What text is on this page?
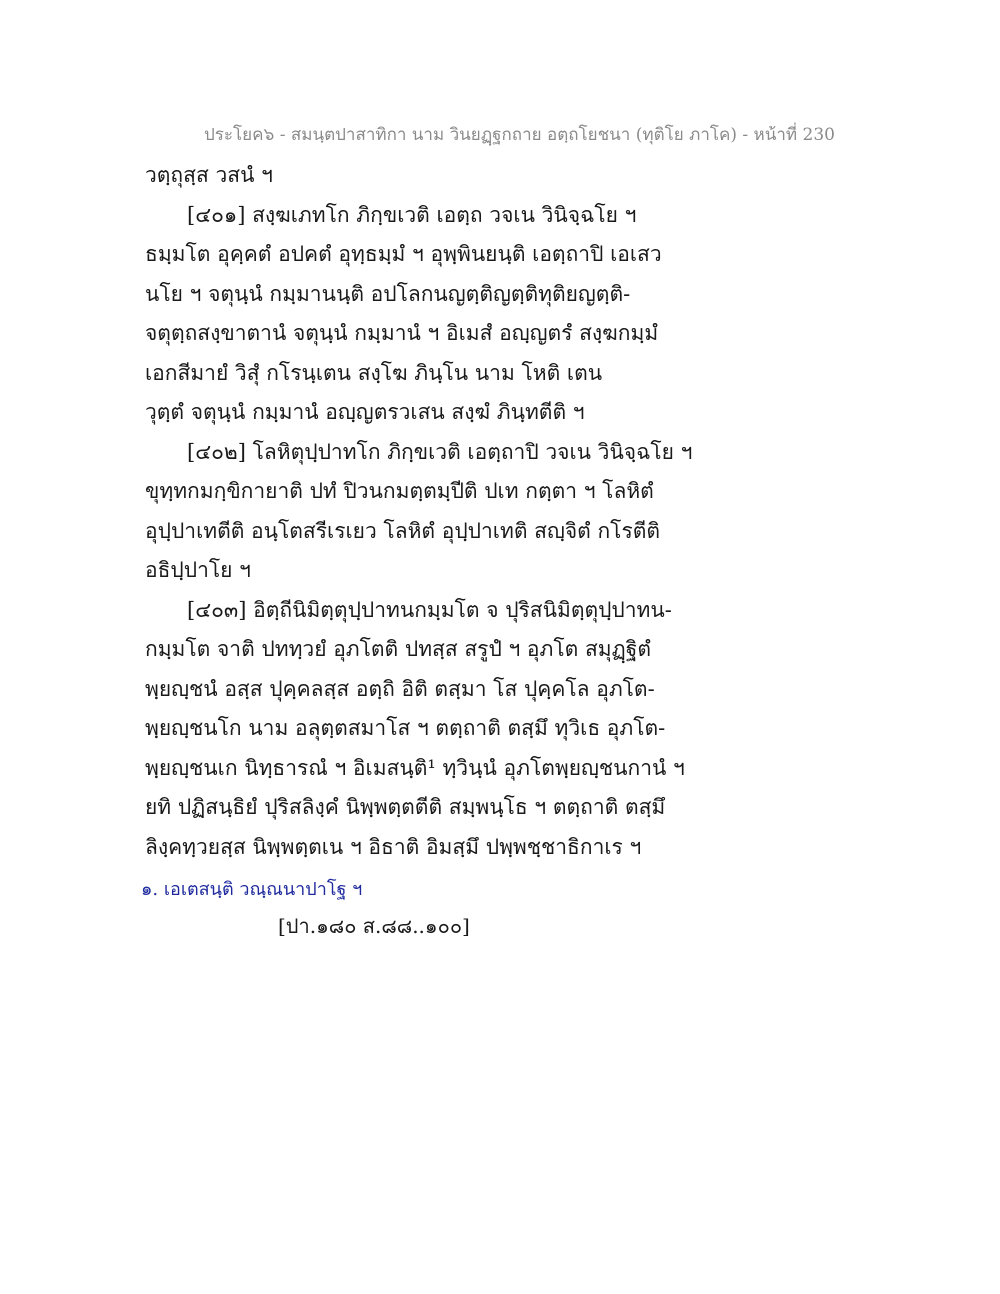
ประโยค๖ - สมนฺตปาสาทิกา นาม วินยฏฺฐกถาย อตฺถโยชนา (ทุติโย ภาโค) - หน้าที่ 230
วตฺถุสฺส วสนํ ฯ
[๔๐๑] สงฺฆเภทโก ภิกฺขเวติ เอตฺถ วจเน วินิจฺฉโย ฯ
ธมฺมโต อุคฺคตํ อปคตํ อุทฺธมฺมํ ฯ อุพฺพินยนฺติ เอตฺถาปิ เอเสว
นโย ฯ จตุนฺนํ กมฺมานนฺติ อปโลกนญตฺติญตฺติทุติยญตฺติ-
จตุตฺถสงฺขาตานํ จตุนฺนํ กมฺมานํ ฯ อิเมสํ อญฺญตรํ สงฺฆกมฺมํ
เอกสีมายํ วิสุํ กโรนฺเตน สงฺโฆ ภินฺโน นาม โหติ เตน
วุตฺตํ จตุนฺนํ กมฺมานํ อญฺญตรวเสน สงฺฆํ ภินฺทตีติ ฯ
[๔๐๒] โลหิตุปฺปาทโก ภิกฺขเวติ เอตฺถาปิ วจเน วินิจฺฉโย ฯ
ขุทฺทกมกฺขิกายาติ ปทํ ปิวนกมตฺตมฺปีติ ปเท กตฺตา ฯ โลหิตํ
อุปฺปาเทตีติ อนฺโตสรีเรเยว โลหิตํ อุปฺปาเทติ สญฺจิตํ กโรตีติ
อธิปฺปาโย ฯ
[๔๐๓] อิตฺถีนิมิตฺตุปฺปาทนกมฺมโต จ ปุริสนิมิตฺตุปฺปาทน-
กมฺมโต จาติ ปททฺวยํ อุภโตติ ปทสฺส สรูปํ ฯ อุภโต สมุฏฺฐิตํ
พฺยญฺชนํ อสฺส ปุคฺคลสฺส อตฺถิ อิติ ตสฺมา โส ปุคฺคโล อุภโต-
พฺยญฺชนโก นาม อลุตฺตสมาโส ฯ ตตฺถาติ ตสฺมึ ทุวิเธ อุภโต-
พฺยญฺชนเก นิทฺธารณํ ฯ อิเมสนฺติ¹ ทฺวินฺนํ อุภโตพฺยญฺชนกานํ ฯ
ยทิ ปฏิสนฺธิยํ ปุริสลิงฺคํ นิพฺพตฺตตีติ สมฺพนฺโธ ฯ ตตฺถาติ ตสฺมึ
ลิงฺคทฺวยสฺส นิพฺพตฺตเน ฯ อิธาติ อิมสฺมึ ปพฺพชฺชาธิกาเร ฯ
๑. เอเตสนฺติ วณฺณนาปาโฐ ฯ
[ปา.๑๘๐ ส.๘๘..๑๐๐]
